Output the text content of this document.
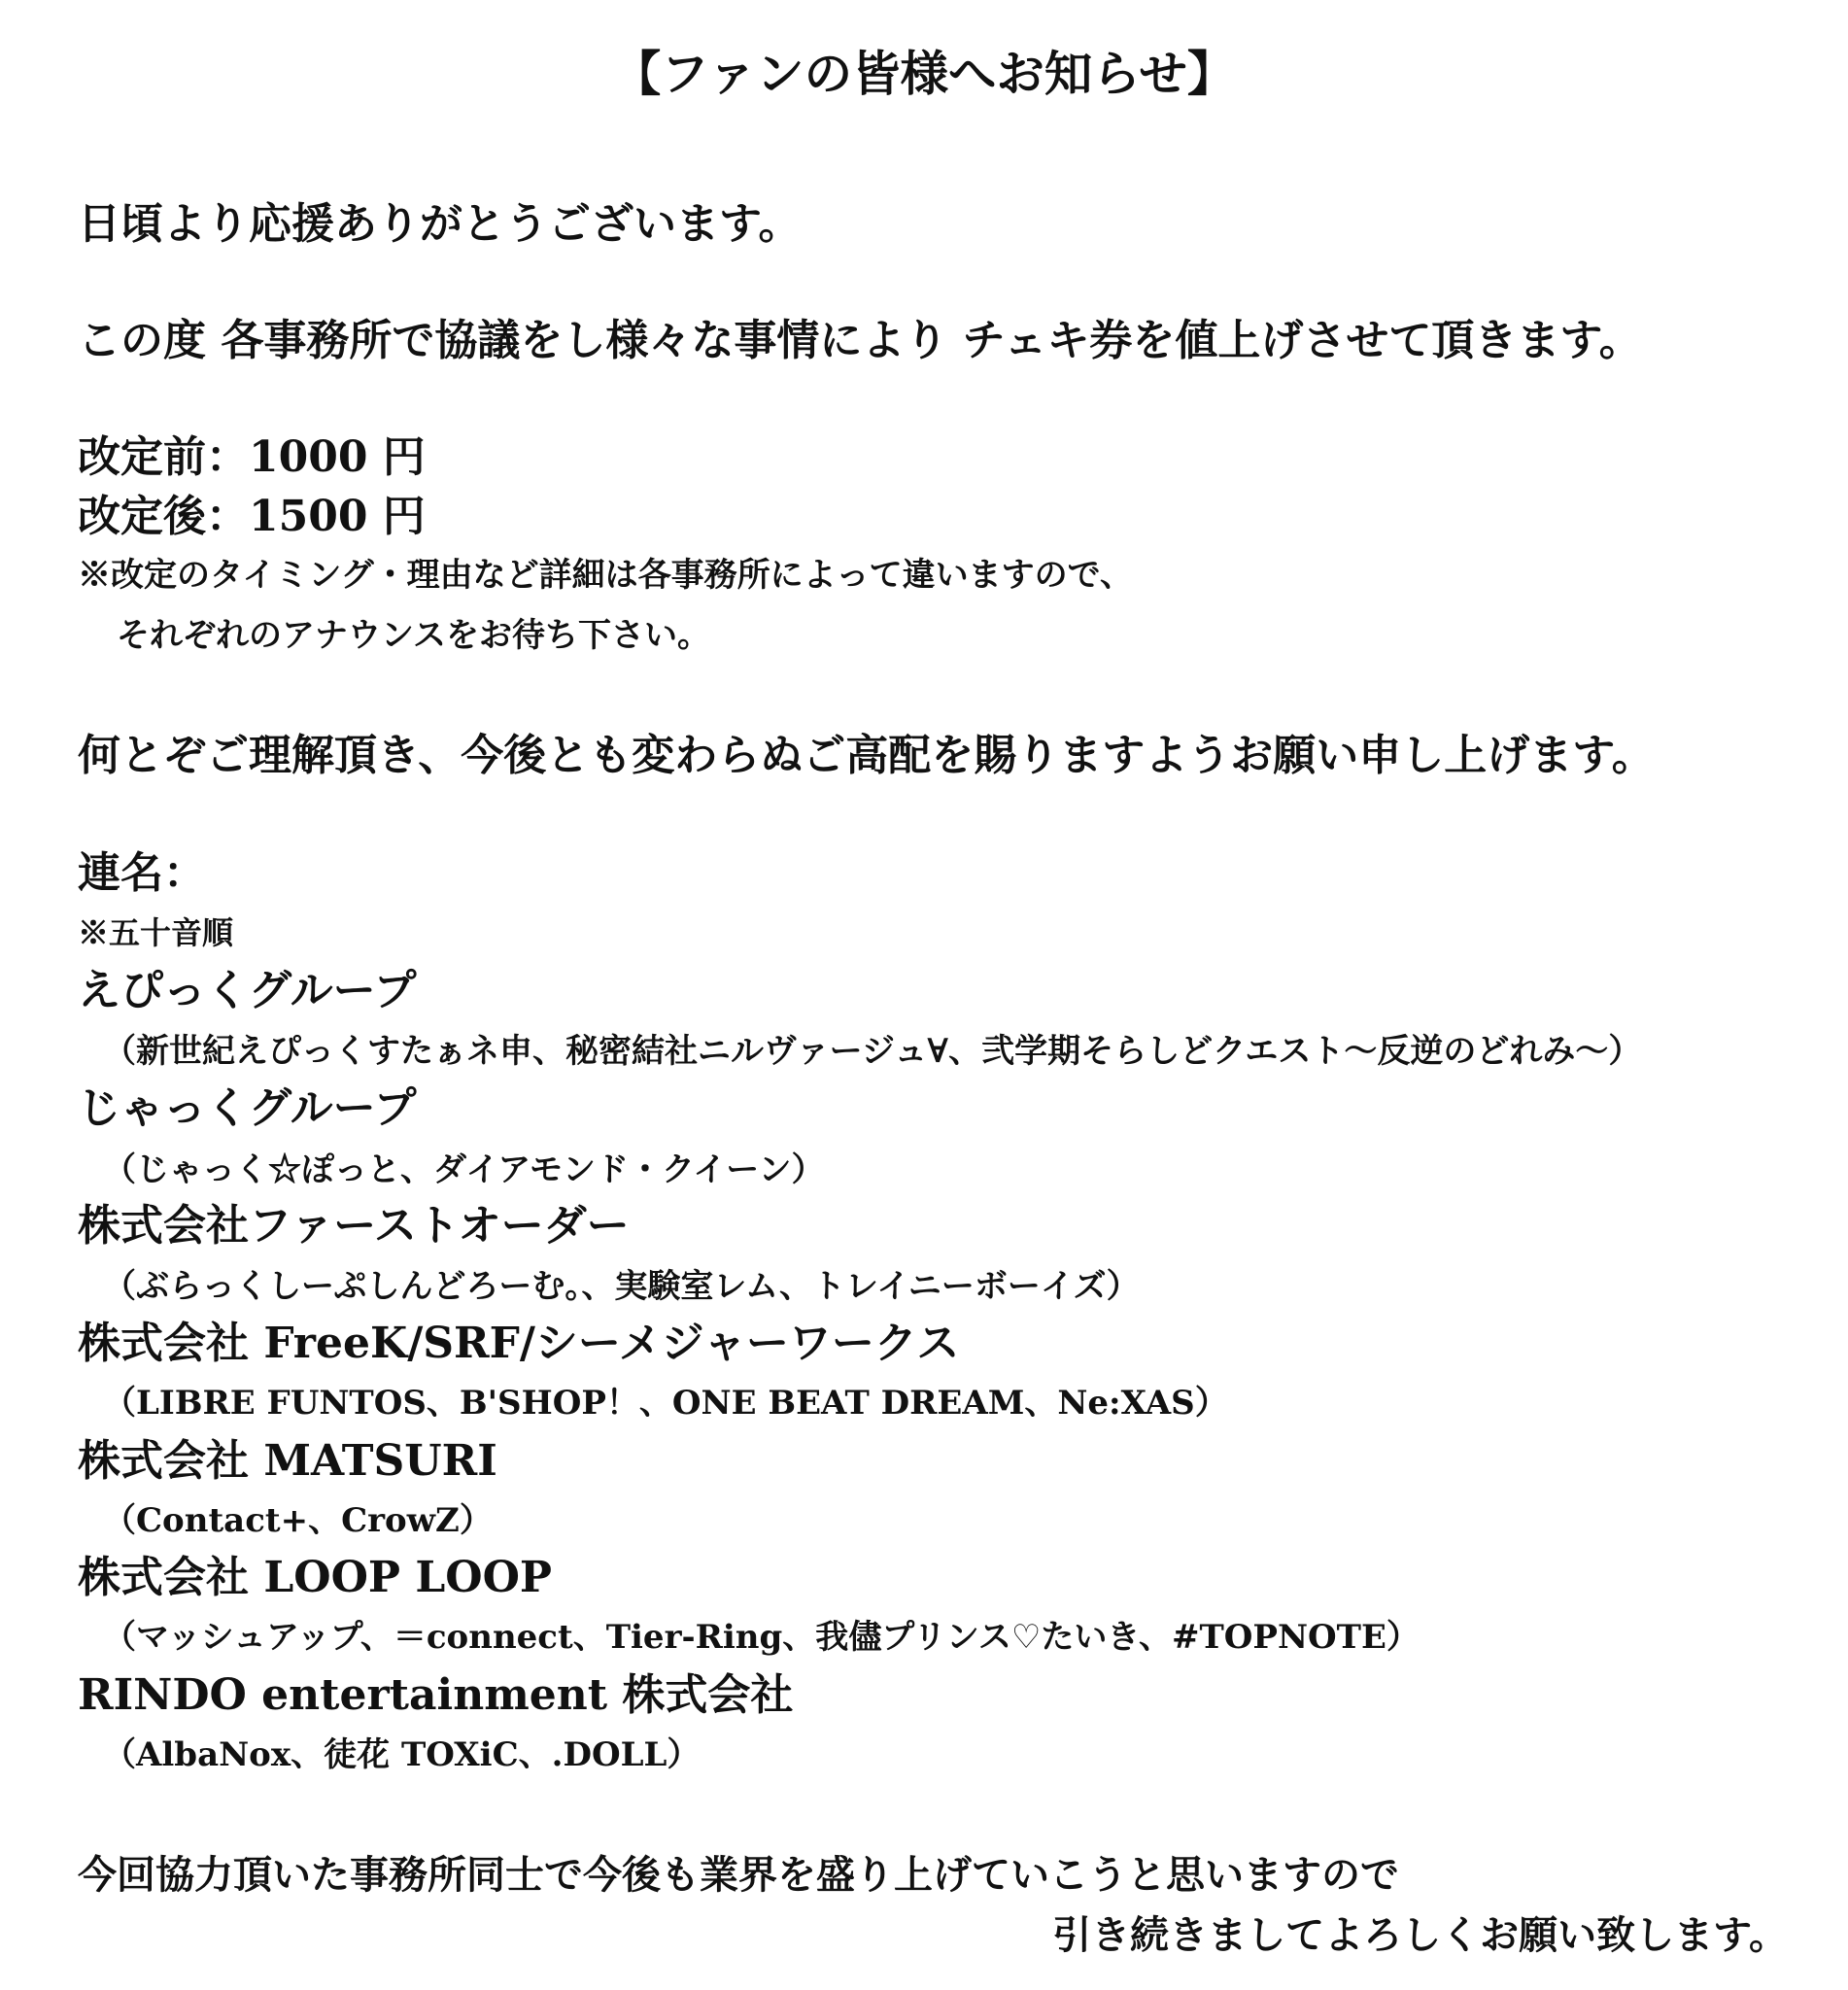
【ファンの皆様へお知らせ】

日頃より応援ありがとうございます。

この度 各事務所で協議をし様々な事情により チェキ券を値上げさせて頂きます。

改定前：1000 円

改定後：1500 円

※改定のタイミング・理由など詳細は各事務所によって違いますので、

それぞれのアナウンスをお待ち下さい。

何とぞご理解頂き、今後とも変わらぬご高配を賜りますようお願い申し上げます。

連名：

※五十音順

えぴっくグループ

（新世紀えぴっくすたぁネ申、秘密結社ニルヴァージュ∀、弐学期そらしどクエスト～反逆のどれみ～）

じゃっくグループ

（じゃっく☆ぽっと、ダイアモンド・クイーン）

株式会社ファーストオーダー

（ぶらっくしーぷしんどろーむ。、実験室レム、トレイニーボーイズ）

株式会社 FreeK/SRF/シーメジャーワークス

（LIBRE FUNTOS、B'SHOP！、ONE BEAT DREAM、Ne:XAS）

株式会社 MATSURI

（Contact+、CrowZ）

株式会社 LOOP LOOP

（マッシュアップ、＝connect、Tier-Ring、我儘プリンス♡たいき、#TOPNOTE）

RINDO entertainment 株式会社

（AlbaNox、徒花 TOXiC、.DOLL）

今回協力頂いた事務所同士で今後も業界を盛り上げていこうと思いますので

引き続きましてよろしくお願い致します。
